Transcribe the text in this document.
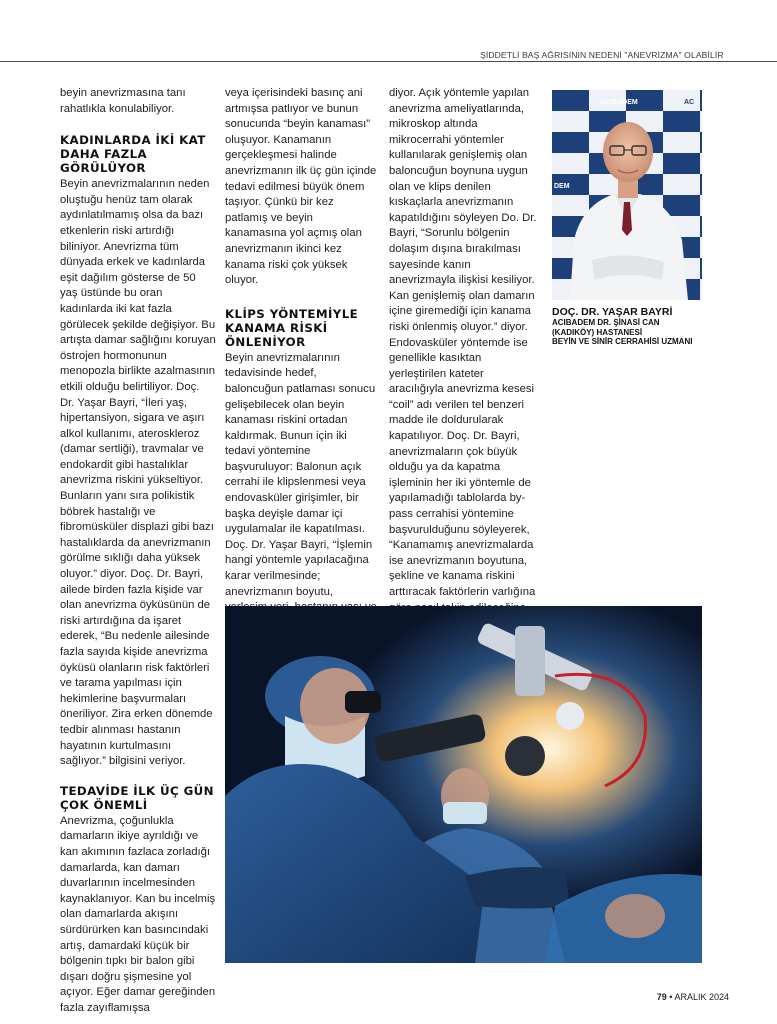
ŞİDDETLİ BAŞ AĞRISININ NEDENİ "ANEVRİZMA" OLABİLİR

beyin anevrizmasına tanı rahatlıkla konulabiliyor.

KADINLARDA İKİ KAT DAHA FAZLA GÖRÜLÜYOR

Beyin anevrizmalarının neden oluştuğu henüz tam olarak aydınlatılmamış olsa da bazı etkenlerin riski artırdığı biliniyor. Anevrizma tüm dünyada erkek ve kadınlarda eşit dağılım gösterse de 50 yaş üstünde bu oran kadınlarda iki kat fazla görülecek şekilde değişiyor. Bu artışta damar sağlığını koruyan östrojen hormonunun menopozla birlikte azalmasının etkili olduğu belirtiliyor. Doç. Dr. Yaşar Bayri, “İleri yaş, hipertansiyon, sigara ve aşırı alkol kullanımı, ateroskleroz (damar sertliği), travmalar ve endokardit gibi hastalıklar anevrizma riskini yükseltiyor. Bunların yanı sıra polikistik böbrek hastalığı ve fibromüsküler displazi gibi bazı hastalıklarda da anevrizmanın görülme sıklığı daha yüksek oluyor.” diyor. Doç. Dr. Bayri, ailede birden fazla kişide var olan anevrizma öyküsünün de riski artırdığına da işaret ederek, “Bu nedenle ailesinde fazla sayıda kişide anevrizma öyküsü olanların risk faktörleri ve tarama yapılması için hekimlerine başvurmaları öneriliyor. Zira erken dönemde tedbir alınması hastanın hayatının kurtulmasını sağlıyor.” bilgisini veriyor.

TEDAVİDE İLK ÜÇ GÜN ÇOK ÖNEMLİ

Anevrizma, çoğunlukla damarların ikiye ayrıldığı ve kan akımının fazlaca zorladığı damarlarda, kan damarı duvarlarının incelmesinden kaynaklanıyor. Kan bu incelmiş olan damarlarda akışını sürdürürken kan basıncındaki artış, damardaki küçük bir bölgenin tıpkı bir balon gibi dışarı doğru şişmesine yol açıyor. Eğer damar gereğinden fazla zayıflamışsa

veya içerisindeki basınç ani artmışsa patlıyor ve bunun sonucunda “beyin kanaması” oluşuyor. Kanamanın gerçekleşmesi halinde anevrizmanın ilk üç gün içinde tedavi edilmesi büyük önem taşıyor. Çünkü bir kez patlamış ve beyin kanamasına yol açmış olan anevrizmanın ikinci kez kanama riski çok yüksek oluyor.

KLİPS YÖNTEMİYLE KANAMA RİSKİ ÖNLENİYOR

Beyin anevrizmalarının tedavisinde hedef, baloncuğun patlaması sonucu gelişebilecek olan beyin kanaması riskini ortadan kaldırmak. Bunun için iki tedavi yöntemine başvuruluyor: Balonun açık cerrahi ile klipslenmesi veya endovasküler girişimler, bir başka deyişle damar içi uygulamalar ile kapatılması. Doç. Dr. Yaşar Bayri, “İşlemin hangi yöntemle yapılacağına karar verilmesinde; anevrizmanın boyutu,

diyor. Açık yöntemle yapılan anevrizma ameliyatlarında, mikroskop altında mikrocerrahi yöntemler kullanılarak genişlemiş olan baloncuğun boynuna uygun olan ve klips denilen kıskaçlarla anevrizmanın kapatıldığını söyleyen Do. Dr. Bayri, “Sorunlu bölgenin dolaşım dışına bırakılması sayesinde kanın anevrizmayla ilişkisi kesiliyor. Kan genişlemiş olan damarın içine giremediği için kanama riski önlenmiş oluyor.” diyor. Endovasküler yöntemde ise genellikle kasıktan yerleştirilen kateter aracılığıyla anevrizma kesesi “coil” adı verilen tel benzeri madde ile doldurularak kapatılıyor. Doç. Dr. Bayri, anevrizmaların çok büyük olduğu ya da kapatma işleminin her iki yöntemle de yapılamadığı tablolarda by-pass cerrahisi yöntemine başvurulduğunu söyleyerek, “Kanamamış anevrizmalarda ise anevrizmanın boyutuna, şekline ve kanama riskini arttıracak faktörlerin varlığına

ACIBADEM
DEM
DEM
AC
DOÇ. DR. YAŞAR BAYRİ
ACIBADEM DR. ŞİNASİ CAN
(KADIKÖY) HASTANESİ
BEYİN VE SİNİR CERRAHİSİ UZMANI
79 • ARALIK 2024
